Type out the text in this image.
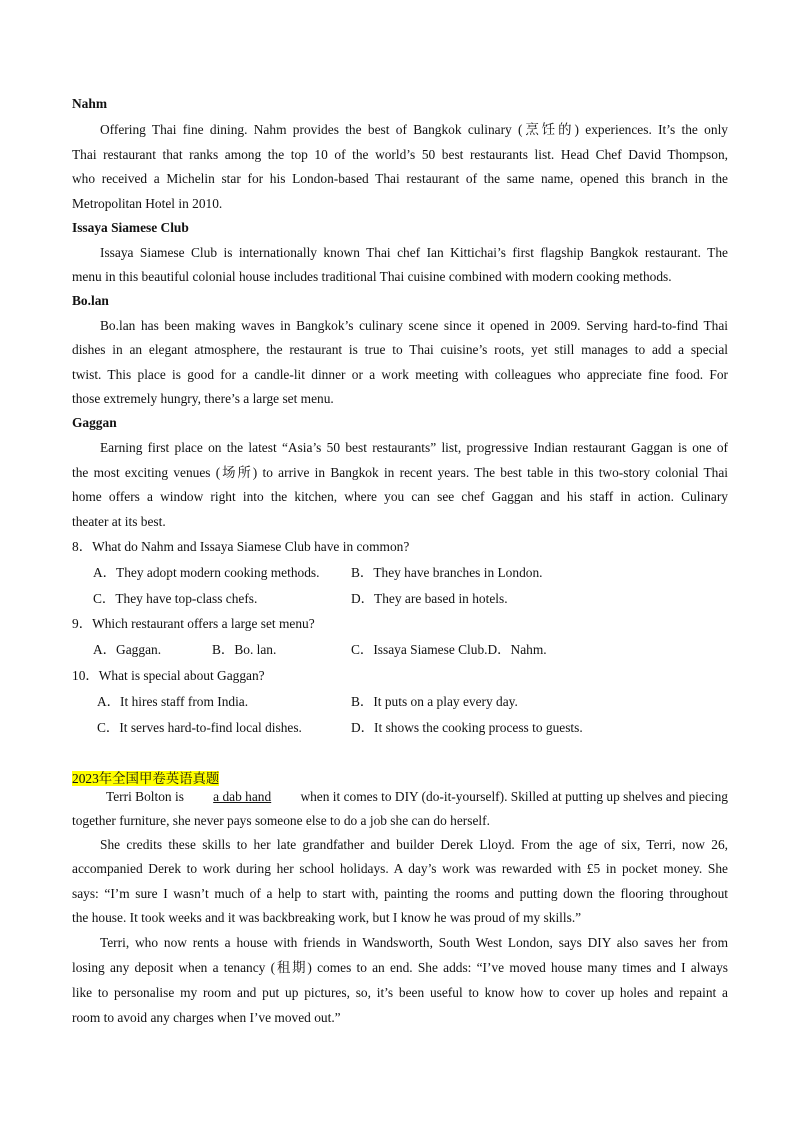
Nahm
Offering Thai fine dining. Nahm provides the best of Bangkok culinary (烹饪的) experiences. It’s the only
Thai restaurant that ranks among the top 10 of the world’s 50 best restaurants list. Head Chef David Thompson,
who received a Michelin star for his London-based Thai restaurant of the same name, opened this branch in the
Metropolitan Hotel in 2010.
Issaya Siamese Club
Issaya Siamese Club is internationally known Thai chef Ian Kittichai’s first flagship Bangkok restaurant. The
menu in this beautiful colonial house includes traditional Thai cuisine combined with modern cooking methods.
Bo.lan
Bo.lan has been making waves in Bangkok’s culinary scene since it opened in 2009. Serving hard-to-find Thai
dishes in an elegant atmosphere, the restaurant is true to Thai cuisine’s roots, yet still manages to add a special
twist. This place is good for a candle-lit dinner or a work meeting with colleagues who appreciate fine food. For
those extremely hungry, there’s a large set menu.
Gaggan
Earning first place on the latest “Asia’s 50 best restaurants” list, progressive Indian restaurant Gaggan is one of
the most exciting venues (场所) to arrive in Bangkok in recent years. The best table in this two-story colonial Thai
home offers a window right into the kitchen, where you can see chef Gaggan and his staff in action. Culinary
theater at its best.
8．What do Nahm and Issaya Siamese Club have in common?
A．They adopt modern cooking methods. B．They have branches in London.
C．They have top-class chefs.	D．They are based in hotels.
9．Which restaurant offers a large set menu?
A．Gaggan.	B．Bo. lan.	C．Issaya Siamese Club.D．Nahm.
10．What is special about Gaggan?
A．It hires staff from India.	B．It puts on a play every day.
C．It serves hard-to-find local dishes.	D．It shows the cooking process to guests.
2023年全国甲卷英语真题
Terri Bolton is a dab hand when it comes to DIY (do-it-yourself). Skilled at putting up shelves and piecing
together furniture, she never pays someone else to do a job she can do herself.
She credits these skills to her late grandfather and builder Derek Lloyd. From the age of six, Terri, now 26,
accompanied Derek to work during her school holidays. A day’s work was rewarded with £5 in pocket money. She
says: “I’m sure I wasn’t much of a help to start with, painting the rooms and putting down the flooring throughout
the house. It took weeks and it was backbreaking work, but I know he was proud of my skills.”
Terri, who now rents a house with friends in Wandsworth, South West London, says DIY also saves her from
losing any deposit when a tenancy (租期) comes to an end. She adds: “I’ve moved house many times and I always
like to personalise my room and put up pictures, so, it’s been useful to know how to cover up holes and repaint a
room to avoid any charges when I’ve moved out.”
